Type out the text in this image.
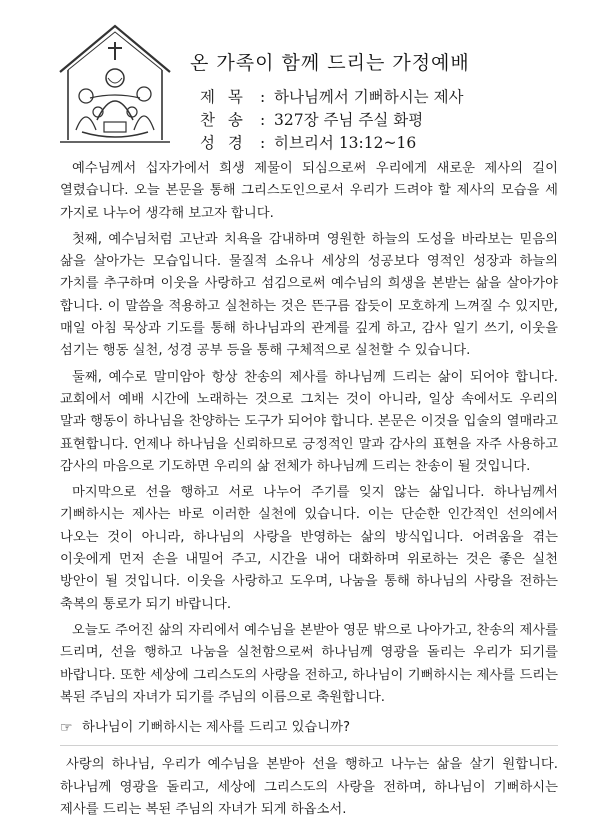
온 가족이 함께 드리는 가정예배
제 목 : 하나님께서 기뻐하시는 제사
찬 송 : 327장 주님 주실 화평
성 경 : 히브리서 13:12~16

예수님께서 십자가에서 희생 제물이 되심으로써 우리에게 새로운 제사의 길이 열렸습니다. 오늘 본문을 통해 그리스도인으로서 우리가 드려야 할 제사의 모습을 세 가지로 나누어 생각해 보고자 합니다.

첫째, 예수님처럼 고난과 치욕을 감내하며 영원한 하늘의 도성을 바라보는 믿음의 삶을 살아가는 모습입니다. 물질적 소유나 세상의 성공보다 영적인 성장과 하늘의 가치를 추구하며 이웃을 사랑하고 섬김으로써 예수님의 희생을 본받는 삶을 살아가야 합니다. 이 말씀을 적용하고 실천하는 것은 뜬구름 잡듯이 모호하게 느껴질 수 있지만, 매일 아침 묵상과 기도를 통해 하나님과의 관계를 깊게 하고, 감사 일기 쓰기, 이웃을 섬기는 행동 실천, 성경 공부 등을 통해 구체적으로 실천할 수 있습니다.

둘째, 예수로 말미암아 항상 찬송의 제사를 하나님께 드리는 삶이 되어야 합니다. 교회에서 예배 시간에 노래하는 것으로 그치는 것이 아니라, 일상 속에서도 우리의 말과 행동이 하나님을 찬양하는 도구가 되어야 합니다. 본문은 이것을 입술의 열매라고 표현합니다. 언제나 하나님을 신뢰하므로 긍정적인 말과 감사의 표현을 자주 사용하고 감사의 마음으로 기도하면 우리의 삶 전체가 하나님께 드리는 찬송이 될 것입니다.

마지막으로 선을 행하고 서로 나누어 주기를 잊지 않는 삶입니다. 하나님께서 기뻐하시는 제사는 바로 이러한 실천에 있습니다. 이는 단순한 인간적인 선의에서 나오는 것이 아니라, 하나님의 사랑을 반영하는 삶의 방식입니다. 어려움을 겪는 이웃에게 먼저 손을 내밀어 주고, 시간을 내어 대화하며 위로하는 것은 좋은 실천 방안이 될 것입니다. 이웃을 사랑하고 도우며, 나눔을 통해 하나님의 사랑을 전하는 축복의 통로가 되기 바랍니다.

오늘도 주어진 삶의 자리에서 예수님을 본받아 영문 밖으로 나아가고, 찬송의 제사를 드리며, 선을 행하고 나눔을 실천함으로써 하나님께 영광을 돌리는 우리가 되기를 바랍니다. 또한 세상에 그리스도의 사랑을 전하고, 하나님이 기뻐하시는 제사를 드리는 복된 주님의 자녀가 되기를 주님의 이름으로 축원합니다.

☞ 하나님이 기뻐하시는 제사를 드리고 있습니까?

사랑의 하나님, 우리가 예수님을 본받아 선을 행하고 나누는 삶을 살기 원합니다. 하나님께 영광을 돌리고, 세상에 그리스도의 사랑을 전하며, 하나님이 기뻐하시는 제사를 드리는 복된 주님의 자녀가 되게 하옵소서.
